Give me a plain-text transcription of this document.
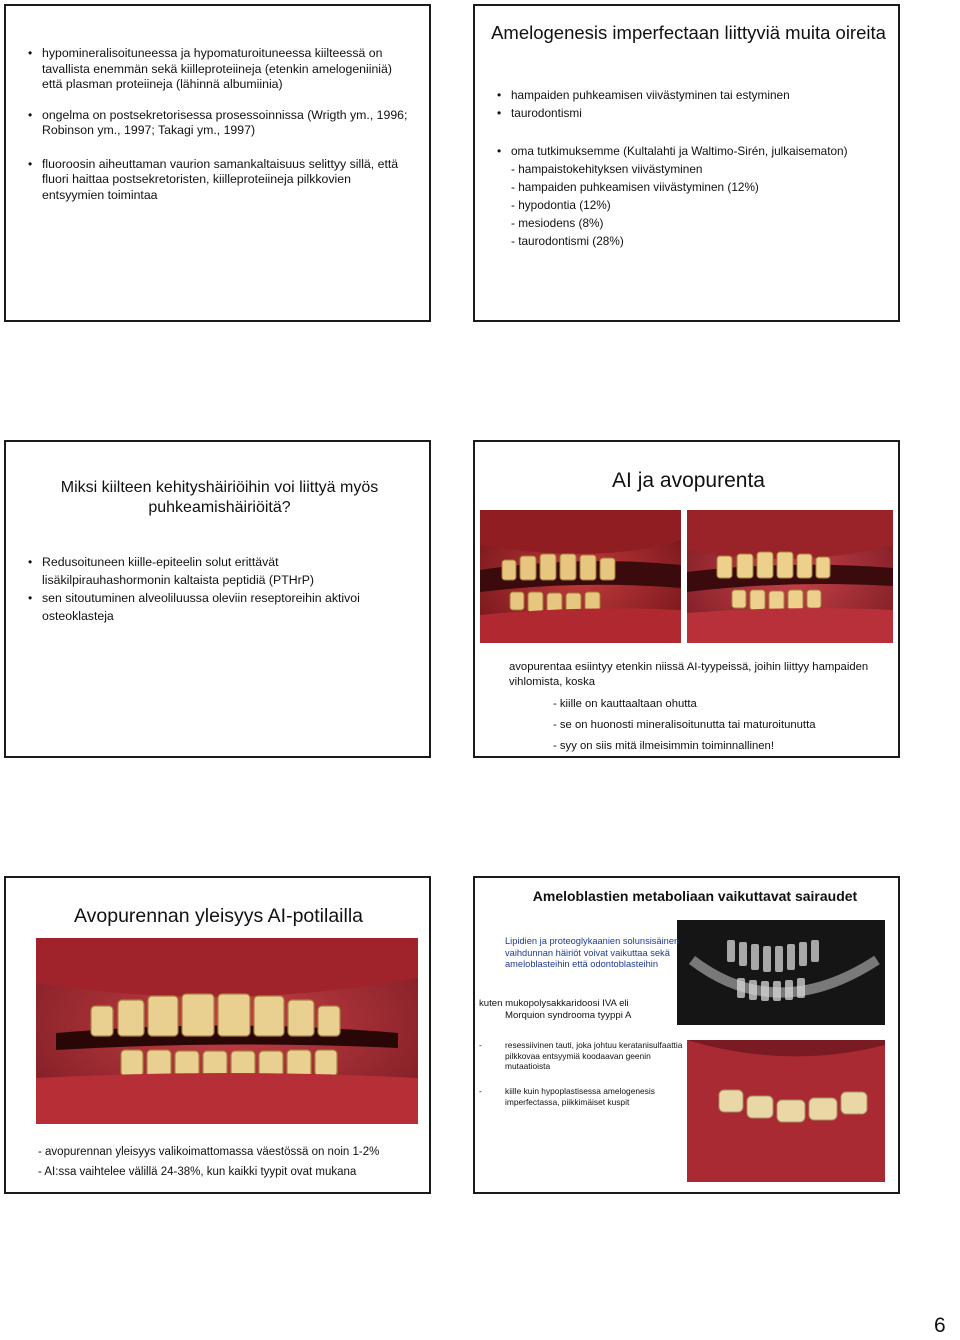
• hypomineralisoituneessa ja hypomaturoituneessa kiilteessä on tavallista enemmän sekä kiilleproteiineja (etenkin amelogeniiniä) että plasman proteiineja (lähinnä albumiinia)
• ongelma on postsekretorisessa prosessoinnissa (Wrigth ym., 1996; Robinson ym., 1997; Takagi ym., 1997)
• fluoroosin aiheuttaman vaurion samankaltaisuus selittyy sillä, että fluori haittaa postsekretoristen, kiilleproteiineja pilkkovien entsyymien toimintaa
Amelogenesis imperfectaan liittyviä muita oireita
• hampaiden puhkeamisen viivästyminen tai estyminen
• taurodontismi
• oma tutkimuksemme (Kultalahti ja Waltimo-Sirén, julkaisematon)
- hampaistokehityksen viivästyminen
- hampaiden puhkeamisen viivästyminen (12%)
- hypodontia (12%)
- mesiodens (8%)
- taurodontismi (28%)
Miksi kiilteen kehityshäiriöihin voi liittyä myös puhkeamishäiriöitä?
• Redusoituneen kiille-epiteelin solut erittävät lisäkilpirauhashormonin kaltaista peptidiä (PTHrP)
• sen sitoutuminen alveoliluussa oleviin reseptoreihin aktivoi osteoklasteja
AI ja avopurenta

avopurentaa esiintyy etenkin niissä AI-tyypeissä, joihin liittyy hampaiden vihlomista, koska

- kiille on kauttaaltaan ohutta

- se on huonosti mineralisoitunutta tai maturoitunutta

- syy on siis mitä ilmeisimmin toiminnallinen!

Avopurennan yleisyys AI-potilailla

- avopurennan yleisyys valikoimattomassa väestössä on noin 1-2%

- AI:ssa vaihtelee välillä 24-38%, kun kaikki tyypit ovat mukana

Ameloblastien metaboliaan vaikuttavat sairaudet
Lipidien ja proteoglykaanien solunsisäinen vaihdunnan häiriöt voivat vaikuttaa sekä ameloblasteihin että odontoblasteihin

kuten mukopolysakkaridoosi IVA eli

Morquion syndrooma tyyppi A

-	resessiivinen tauti, joka johtuu keratanisulfaattia pilkkovaa entsyymiä koodaavan geenin mutaatioista
-	kiille kuin hypoplastisessa amelogenesis imperfectassa, piikkimäiset kuspit
6
